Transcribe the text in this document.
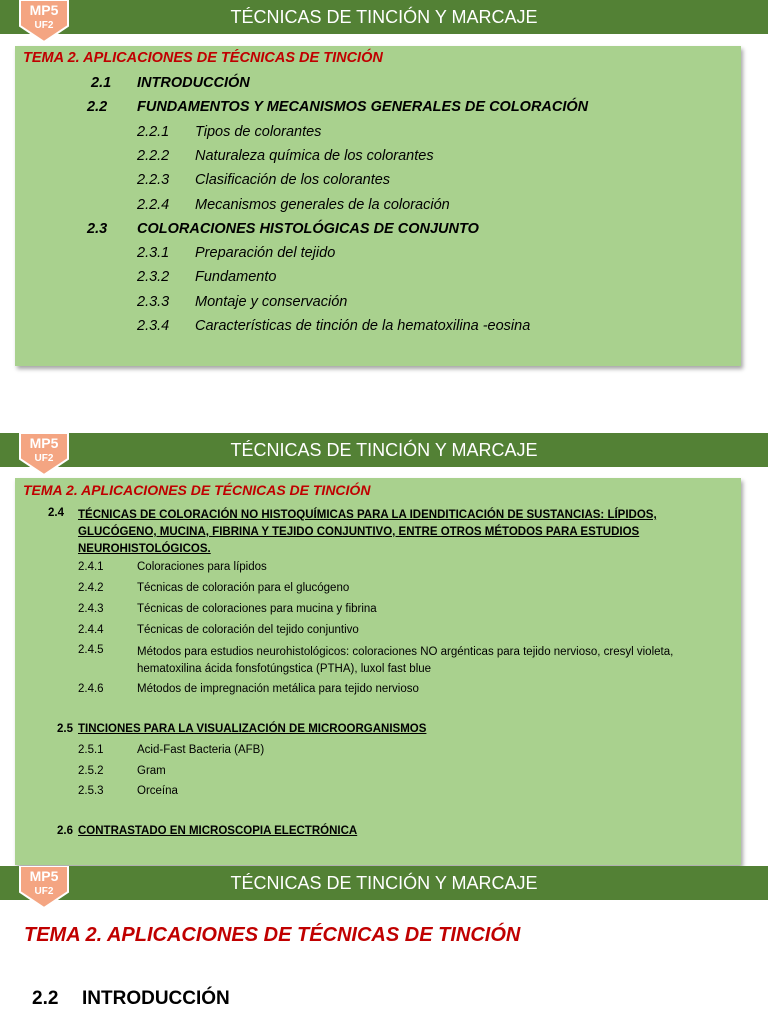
TÉCNICAS DE TINCIÓN Y MARCAJE
MP5
UF2
TEMA 2. APLICACIONES DE TÉCNICAS DE TINCIÓN
2.1 INTRODUCCIÓN
2.2 FUNDAMENTOS Y MECANISMOS GENERALES DE COLORACIÓN
2.2.1 Tipos de colorantes
2.2.2 Naturaleza química de los colorantes
2.2.3 Clasificación de los colorantes
2.2.4 Mecanismos generales de la coloración
2.3 COLORACIONES HISTOLÓGICAS DE CONJUNTO
2.3.1 Preparación del tejido
2.3.2 Fundamento
2.3.3 Montaje y conservación
2.3.4 Características de tinción de la hematoxilina -eosina
TÉCNICAS DE TINCIÓN Y MARCAJE
MP5
UF2
TEMA 2. APLICACIONES DE TÉCNICAS DE TINCIÓN
2.4 TÉCNICAS DE COLORACIÓN NO HISTOQUÍMICAS PARA LA IDENDITICACIÓN DE SUSTANCIAS: LÍPIDOS, GLUCÓGENO, MUCINA, FIBRINA Y TEJIDO CONJUNTIVO, ENTRE OTROS MÉTODOS PARA ESTUDIOS NEUROHISTOLÓGICOS.
2.4.1	Coloraciones para lípidos
2.4.2	Técnicas de coloración para el glucógeno
2.4.3	Técnicas de coloraciones para mucina y fibrina
2.4.4	Técnicas de coloración del tejido conjuntivo
2.4.5	Métodos para estudios neurohistológicos: coloraciones NO argénticas para tejido nervioso, cresyl violeta, hematoxilina ácida fonsfotúngstica (PTHA), luxol fast blue
2.4.6	Métodos de impregnación metálica para tejido nervioso
2.5 TINCIONES PARA LA VISUALIZACIÓN DE MICROORGANISMOS
2.5.1	Acid-Fast Bacteria (AFB)
2.5.2	Gram
2.5.3	Orceína
2.6 CONTRASTADO EN MICROSCOPIA ELECTRÓNICA
TÉCNICAS DE TINCIÓN Y MARCAJE
MP5
UF2
TEMA 2. APLICACIONES DE TÉCNICAS DE TINCIÓN
2.2 INTRODUCCIÓN
